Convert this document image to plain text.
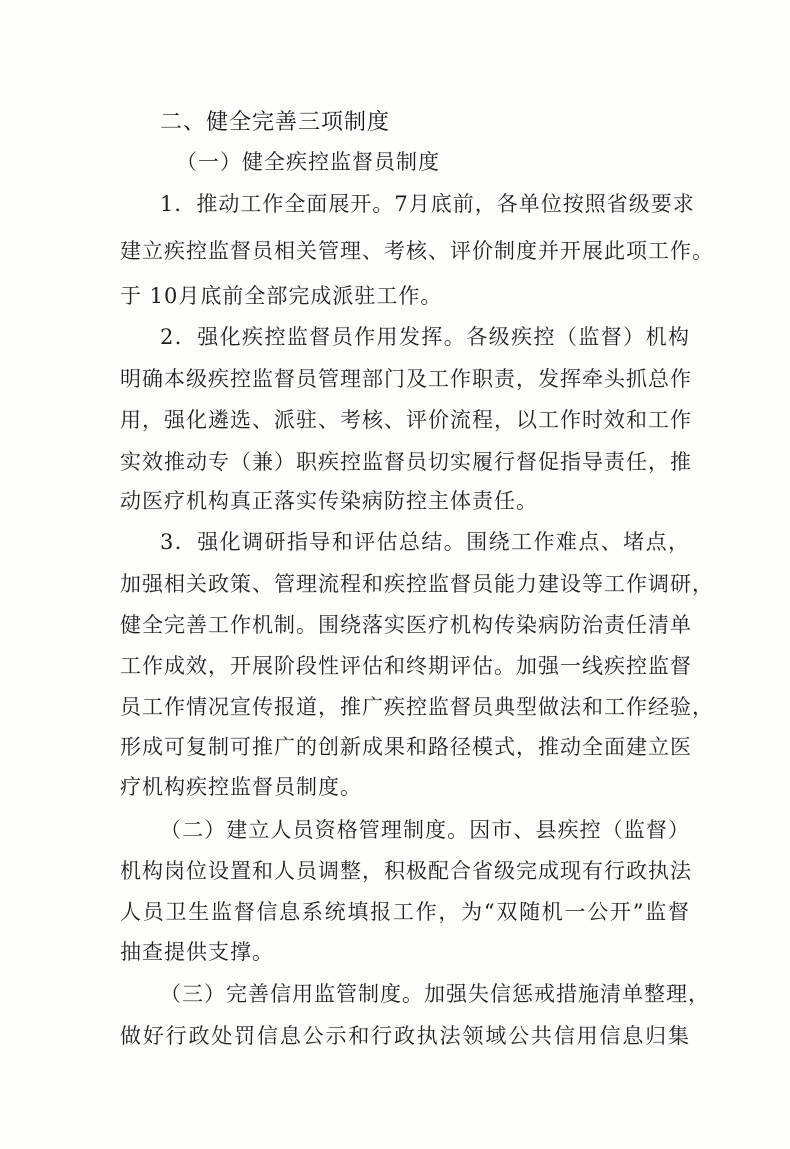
二、健全完善三项制度
（一）健全疾控监督员制度
1．推动工作全面展开。7月底前，各单位按照省级要求
建立疾控监督员相关管理、考核、评价制度并开展此项工作。
于 10月底前全部完成派驻工作。
2．强化疾控监督员作用发挥。各级疾控（监督）机构
明确本级疾控监督员管理部门及工作职责，发挥牵头抓总作
用，强化遴选、派驻、考核、评价流程，以工作时效和工作
实效推动专（兼）职疾控监督员切实履行督促指导责任，推
动医疗机构真正落实传染病防控主体责任。
3．强化调研指导和评估总结。围绕工作难点、堵点，
加强相关政策、管理流程和疾控监督员能力建设等工作调研，
健全完善工作机制。围绕落实医疗机构传染病防治责任清单
工作成效，开展阶段性评估和终期评估。加强一线疾控监督
员工作情况宣传报道，推广疾控监督员典型做法和工作经验，
形成可复制可推广的创新成果和路径模式，推动全面建立医
疗机构疾控监督员制度。
（二）建立人员资格管理制度。因市、县疾控（监督）
机构岗位设置和人员调整，积极配合省级完成现有行政执法
人员卫生监督信息系统填报工作，为“双随机一公开”监督
抽查提供支撑。
（三）完善信用监管制度。加强失信惩戒措施清单整理，
做好行政处罚信息公示和行政执法领域公共信用信息归集
